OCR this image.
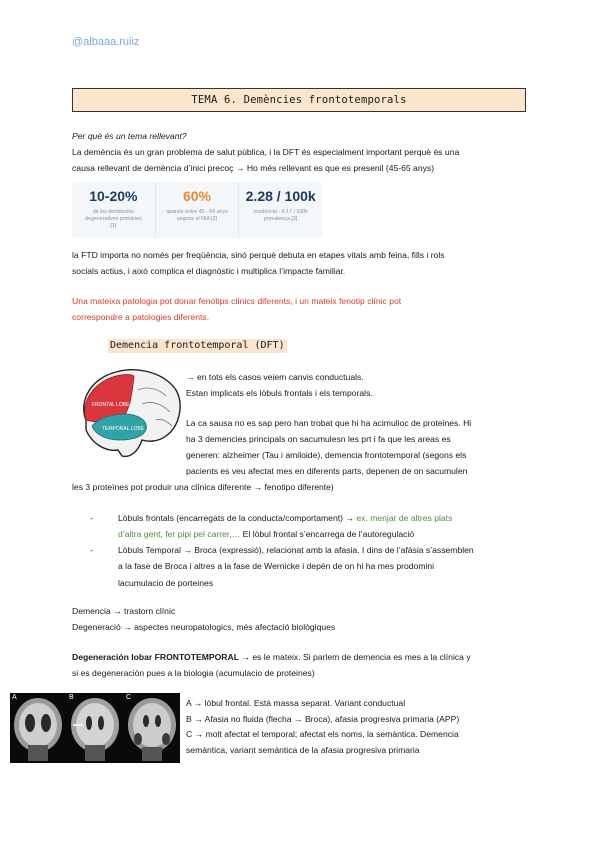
@albaaa.ruiiz
TEMA 6. Demències frontotemporals
Per què és un tema rellevant?
La demència és un gran problema de salut pública, i la DFT és especialment important perquè és una
causa rellevant de demència d’inici precoç → Ho més rellevant es que es presenil (45-65 anys)
10-20%
de les demències degeneratives primàries [1]
60%
apareix entre 45 - 64 anys segons el NIA [2]
2.28 / 100k
incidència · 9.17 / 100k prevalença [3]
la FTD importa no només per freqüència, sinó perquè debuta en etapes vitals amb feina, fills i rols
socials actius, i això complica el diagnòstic i multiplica l’impacte familiar.
Una mateixa patologia pot donar fenotips clínics diferents, i un mateix fenotip clínic pot
correspondre a patologies diferents.
Demencia frontotemporal (DFT)
FRONTAL LOBE
TEMPORAL LOBE
→ en tots els casos veiem canvis conductuals.
Estan implicats els lòbuls frontals i els temporals.
La ca sausa no es sap pero han trobat que hi ha acimulioc de proteines. Hi
ha 3 demencies principals on sacumulesn les prt i fa que les areas es
generen: alzheimer (Tau i amiloide), demencia frontotemporal (segons els
pacients es veu afectat mes en diferents parts, depenen de on sacumulen
les 3 proteïnes pot produir una clínica diferente → fenotipo diferente)
-	Lòbuls frontals (encarregats de la conducta/comportament) → ex. menjar de altres plats
d’altra gent, fer pipi pel carrer,… El lòbul frontal s’encarrega de l’autoregulació
-	Lòbuls Temporal → Broca (expressió), relacionat amb la afasia. I dins de l’afàsia s’assemblen
a la fase de Broca i altres a la fase de Wernicke i depèn de on hi ha mes prodomini
lacumulacio de porteines
Demencia → trastorn clínic
Degeneració → aspectes neuropatologics, més afectació biològiques
Degeneración lobar FRONTOTEMPORAL → es le mateix. Si parlem de demencia es mes a la clínica y
si es degeneración pues a la biologia (acumulacio de proteines)
A	B	C
A → lòbul frontal. Està massa separat. Variant conductual
B → Afasia no fluida (flecha → Broca), afasia progresiva primaria (APP)
C → molt afectat el temporal; afectat els noms, la semàntica. Demencia
semántica, variant semántica de la afasia progresiva primaria
